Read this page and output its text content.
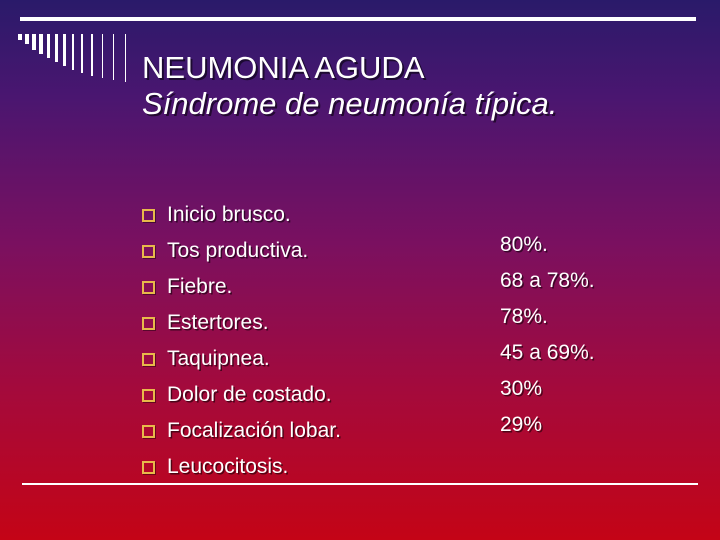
NEUMONIA AGUDA
Síndrome de neumonía típica.
Inicio brusco.
Tos productiva.
Fiebre.
Estertores.
Taquipnea.
Dolor de costado.
Focalización lobar.
Leucocitosis.
80%.
68 a 78%.
78%.
45 a 69%.
30%
29%
